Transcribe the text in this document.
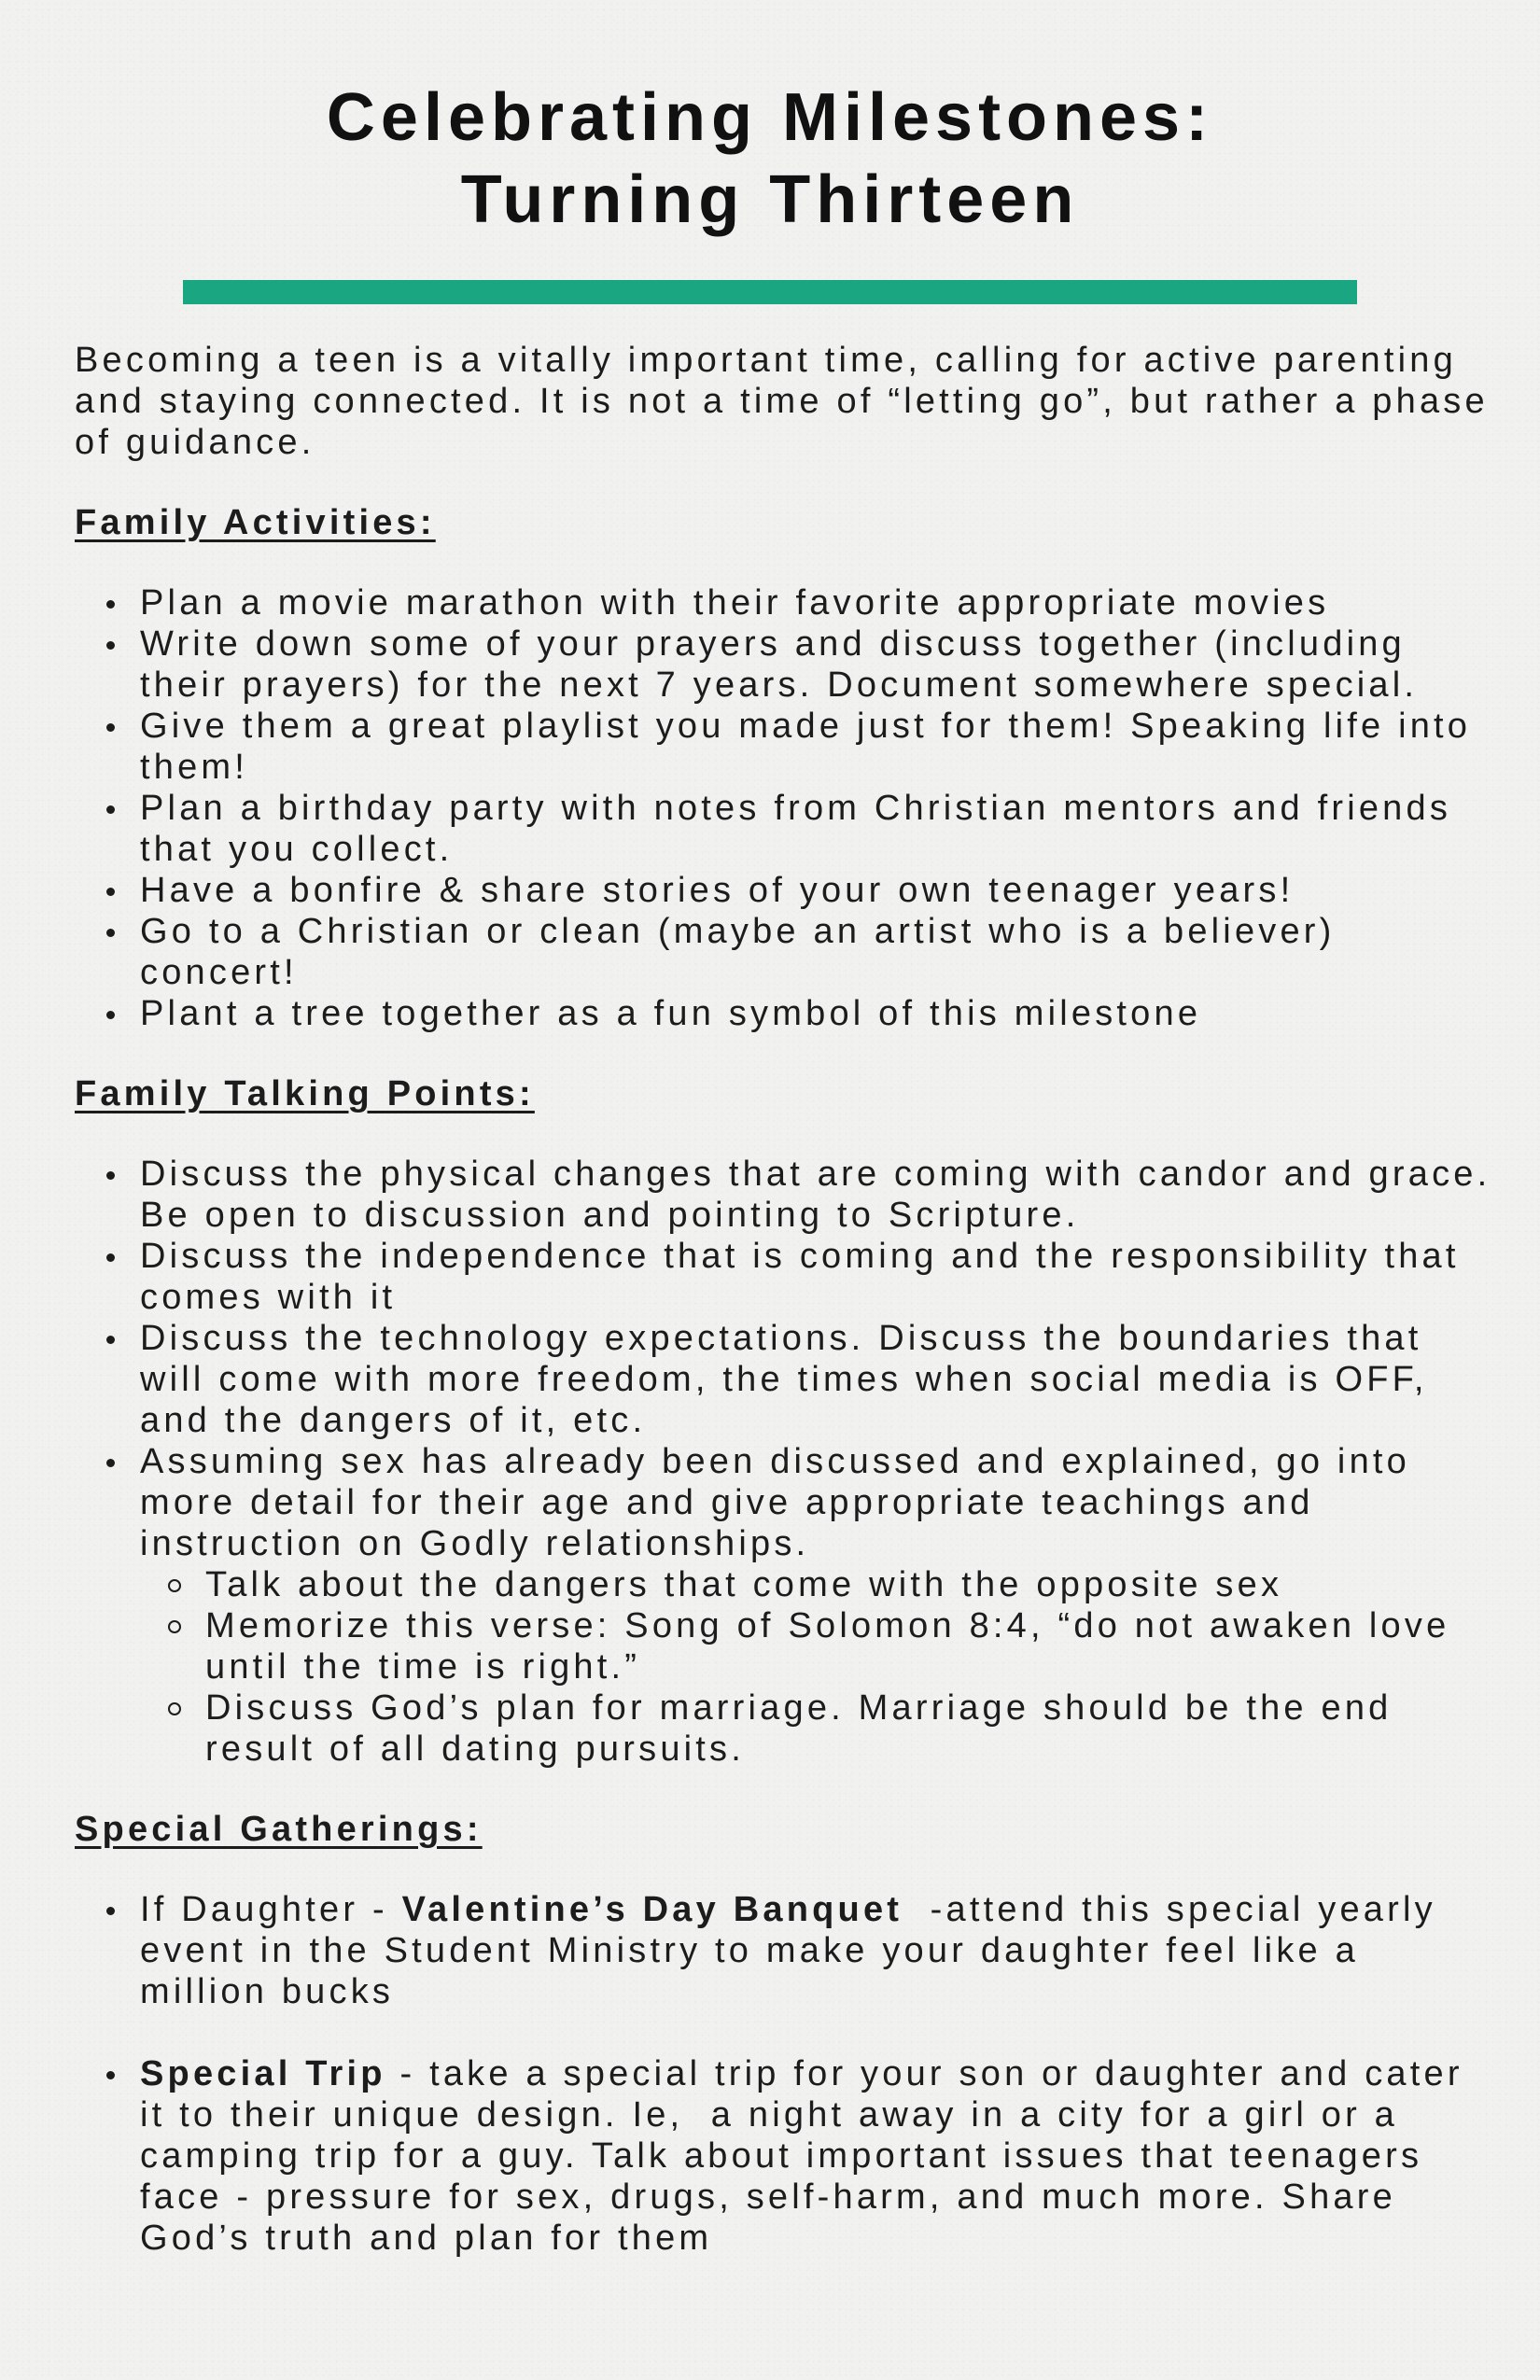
Celebrating Milestones:
Turning Thirteen

Becoming a teen is a vitally important time, calling for active parenting and staying connected. It is not a time of “letting go”, but rather a phase of guidance.

Family Activities:
Plan a movie marathon with their favorite appropriate movies
Write down some of your prayers and discuss together (including their prayers) for the next 7 years. Document somewhere special.
Give them a great playlist you made just for them! Speaking life into them!
Plan a birthday party with notes from Christian mentors and friends that you collect.
Have a bonfire & share stories of your own teenager years!
Go to a Christian or clean (maybe an artist who is a believer) concert!
Plant a tree together as a fun symbol of this milestone
Family Talking Points:
Discuss the physical changes that are coming with candor and grace. Be open to discussion and pointing to Scripture.
Discuss the independence that is coming and the responsibility that comes with it
Discuss the technology expectations. Discuss the boundaries that will come with more freedom, the times when social media is OFF, and the dangers of it, etc.
Assuming sex has already been discussed and explained, go into more detail for their age and give appropriate teachings and instruction on Godly relationships.
Talk about the dangers that come with the opposite sex
Memorize this verse: Song of Solomon 8:4, “do not awaken love until the time is right.”
Discuss God’s plan for marriage. Marriage should be the end result of all dating pursuits.
Special Gatherings:
If Daughter - Valentine’s Day Banquet  -attend this special yearly event in the Student Ministry to make your daughter feel like a million bucks
Special Trip - take a special trip for your son or daughter and cater it to their unique design. Ie,  a night away in a city for a girl or a camping trip for a guy. Talk about important issues that teenagers face - pressure for sex, drugs, self-harm, and much more. Share God’s truth and plan for them
